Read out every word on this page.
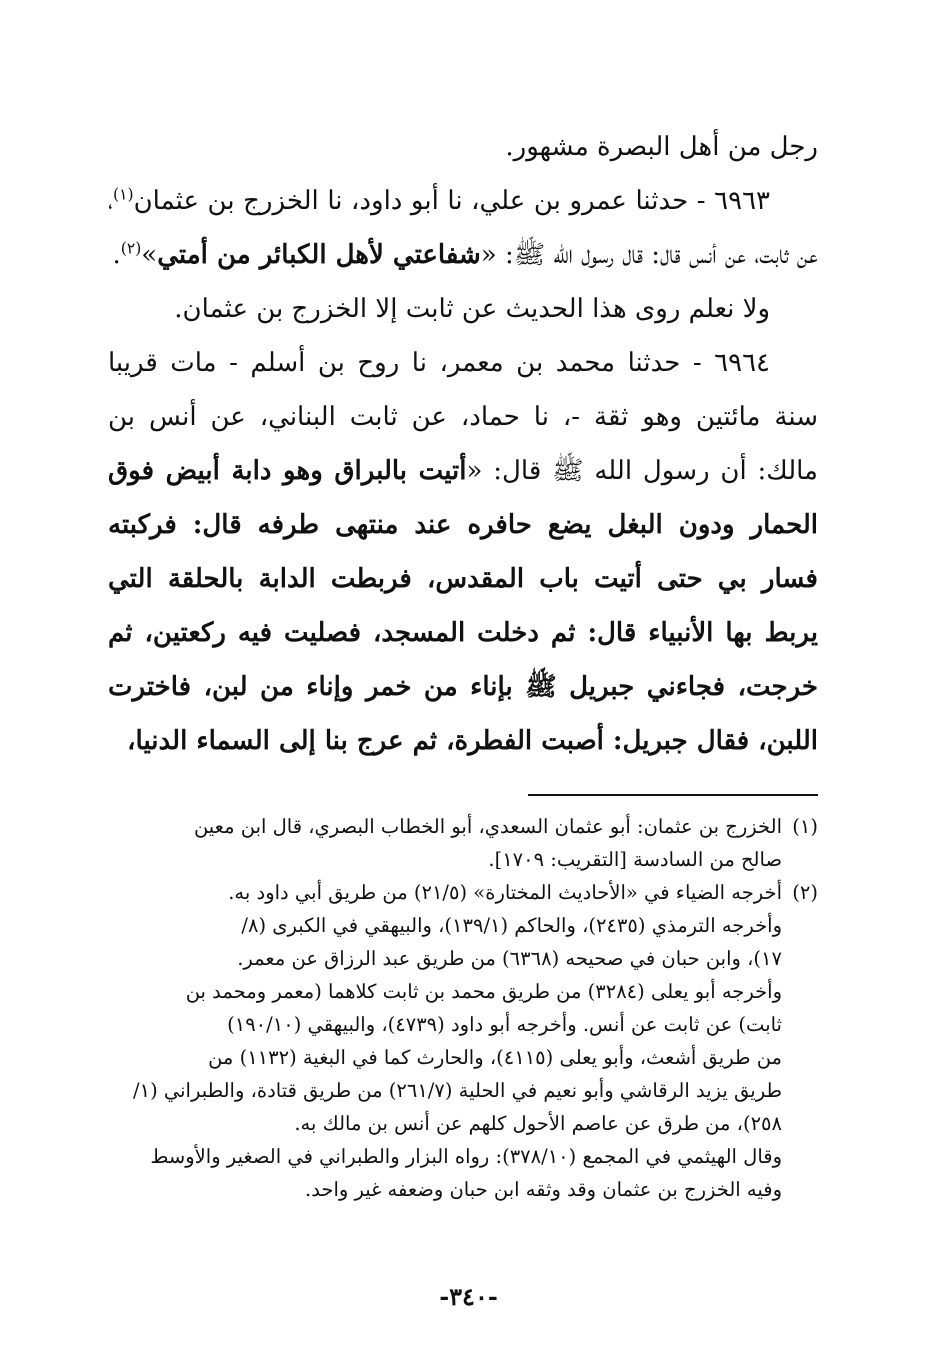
رجل من أهل البصرة مشهور.

٦٩٦٣ - حدثنا عمرو بن علي، نا أبو داود، نا الخزرج بن عثمان$^{(١)}$، عن ثابت، عن أنس قال: قال رسول الله ﷺ: «شفاعتي لأهل الكبائر من أمتي»$^{(٢)}$.

ولا نعلم روى هذا الحديث عن ثابت إلا الخزرج بن عثمان.

٦٩٦٤ - حدثنا محمد بن معمر، نا روح بن أسلم - مات قريبا سنة مائتين وهو ثقة -، نا حماد، عن ثابت البناني، عن أنس بن مالك: أن رسول الله ﷺ قال: «أتيت بالبراق وهو دابة أبيض فوق الحمار ودون البغل يضع حافره عند منتهى طرفه قال: فركبته فسار بي حتى أتيت باب المقدس، فربطت الدابة بالحلقة التي يربط بها الأنبياء قال: ثم دخلت المسجد، فصليت فيه ركعتين، ثم خرجت، فجاءني جبريل ﷺ بإناء من خمر وإناء من لبن، فاخترت اللبن، فقال جبريل: أصبت الفطرة، ثم عرج بنا إلى السماء الدنيا،

(١)
الخزرج بن عثمان: أبو عثمان السعدي، أبو الخطاب البصري، قال ابن معين
صالح من السادسة [التقريب: ١٧٠٩].
(٢)
أخرجه الضياء في «الأحاديث المختارة» (٢١/٥) من طريق أبي داود به.
وأخرجه الترمذي (٢٤٣٥)، والحاكم (١٣٩/١)، والبيهقي في الكبرى (٨/
١٧)، وابن حبان في صحيحه (٦٣٦٨) من طريق عبد الرزاق عن معمر.
وأخرجه أبو يعلى (٣٢٨٤) من طريق محمد بن ثابت كلاهما (معمر ومحمد بن
ثابت) عن ثابت عن أنس. وأخرجه أبو داود (٤٧٣٩)، والبيهقي (١٩٠/١٠)
من طريق أشعث، وأبو يعلى (٤١١٥)، والحارث كما في البغية (١١٣٢) من
طريق يزيد الرقاشي وأبو نعيم في الحلية (٢٦١/٧) من طريق قتادة، والطبراني (١/
٢٥٨)، من طرق عن عاصم الأحول كلهم عن أنس بن مالك به.
وقال الهيثمي في المجمع (٣٧٨/١٠): رواه البزار والطبراني في الصغير والأوسط
وفيه الخزرج بن عثمان وقد وثقه ابن حبان وضعفه غير واحد.
-٣٤٠-
